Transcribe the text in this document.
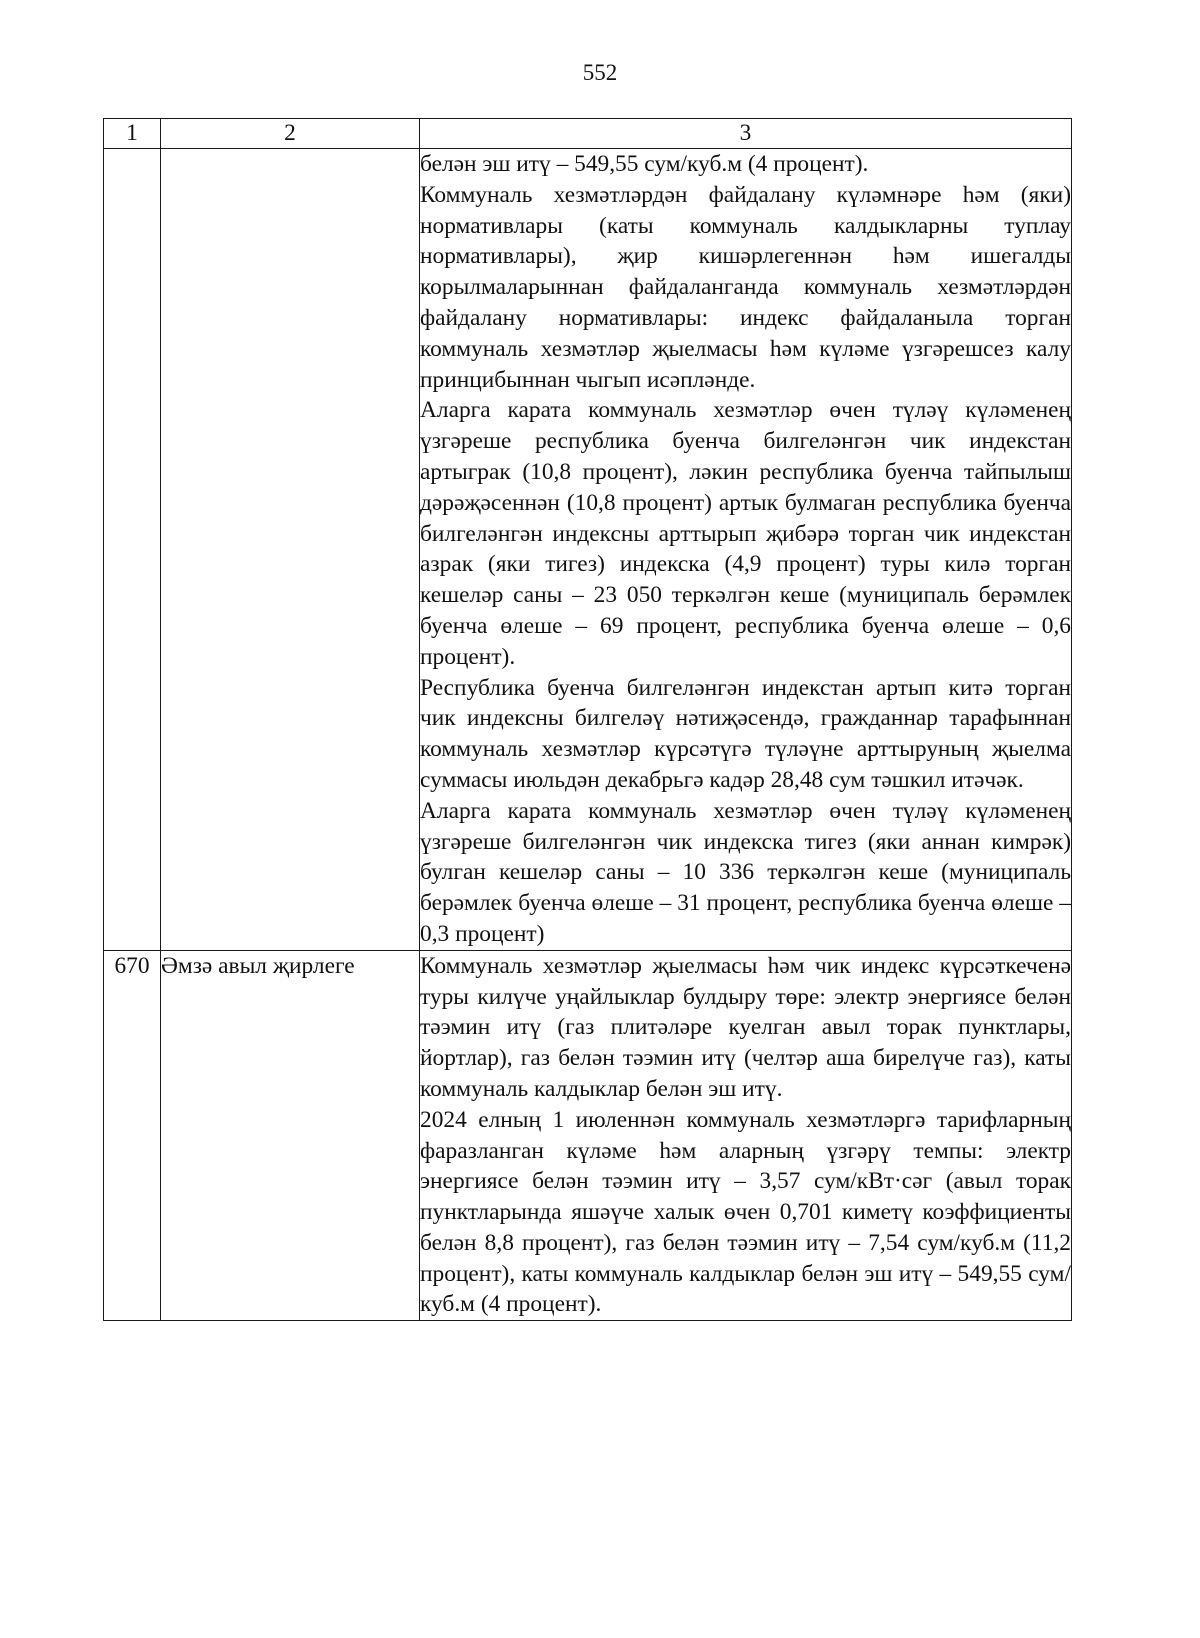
552
1	2	3

		белән эш итү – 549,55 сум/куб.м (4 процент).

Коммуналь хезмәтләрдән файдалану күләмнәре һәм (яки) нормативлары (каты коммуналь калдыкларны туплау нормативлары), җир кишәрлегеннән һәм ишегалды корылмаларыннан файдаланганда коммуналь хезмәтләрдән файдалану нормативлары: индекс файдаланыла торган коммуналь хезмәтләр җыелмасы һәм күләме үзгәрешсез калу принцибыннан чыгып исәпләнде.

Аларга карата коммуналь хезмәтләр өчен түләү күләменең үзгәреше республика буенча билгеләнгән чик индекстан артыграк (10,8 процент), ләкин республика буенча тайпылыш дәрәҗәсеннән (10,8 процент) артык булмаган республика буенча билгеләнгән индексны арттырып җибәрә торган чик индекстан азрак (яки тигез) индекска (4,9 процент) туры килә торган кешеләр саны – 23 050 теркәлгән кеше (муниципаль берәмлек буенча өлеше – 69 процент, республика буенча өлеше – 0,6 процент).

Республика буенча билгеләнгән индекстан артып китә торган чик индексны билгеләү нәтиҗәсендә, гражданнар тарафыннан коммуналь хезмәтләр күрсәтүгә түләүне арттыруның җыелма суммасы июльдән декабрьгә кадәр 28,48 сум тәшкил итәчәк.

Аларга карата коммуналь хезмәтләр өчен түләү күләменең үзгәреше билгеләнгән чик индекска тигез (яки аннан кимрәк) булган кешеләр саны – 10 336 теркәлгән кеше (муниципаль берәмлек буенча өлеше – 31 процент, республика буенча өлеше – 0,3 процент)

670	Әмзә авыл җирлеге	Коммуналь хезмәтләр җыелмасы һәм чик индекс күрсәткеченә туры килүче уңайлыклар булдыру төре: электр энергиясе белән тәэмин итү (газ плитәләре куелган авыл торак пунктлары, йортлар), газ белән тәэмин итү (челтәр аша бирелүче газ), каты коммуналь калдыклар белән эш итү.

2024 елның 1 июленнән коммуналь хезмәтләргә тарифларның фаразланган күләме һәм аларның үзгәрү темпы: электр энергиясе белән тәэмин итү – 3,57 сум/кВт·сәг (авыл торак пунктларында яшәүче халык өчен 0,701 киметү коэффициенты белән 8,8 процент), газ белән тәэмин итү – 7,54 сум/куб.м (11,2 процент), каты коммуналь калдыклар белән эш итү – 549,55 сум/куб.м (4 процент).
